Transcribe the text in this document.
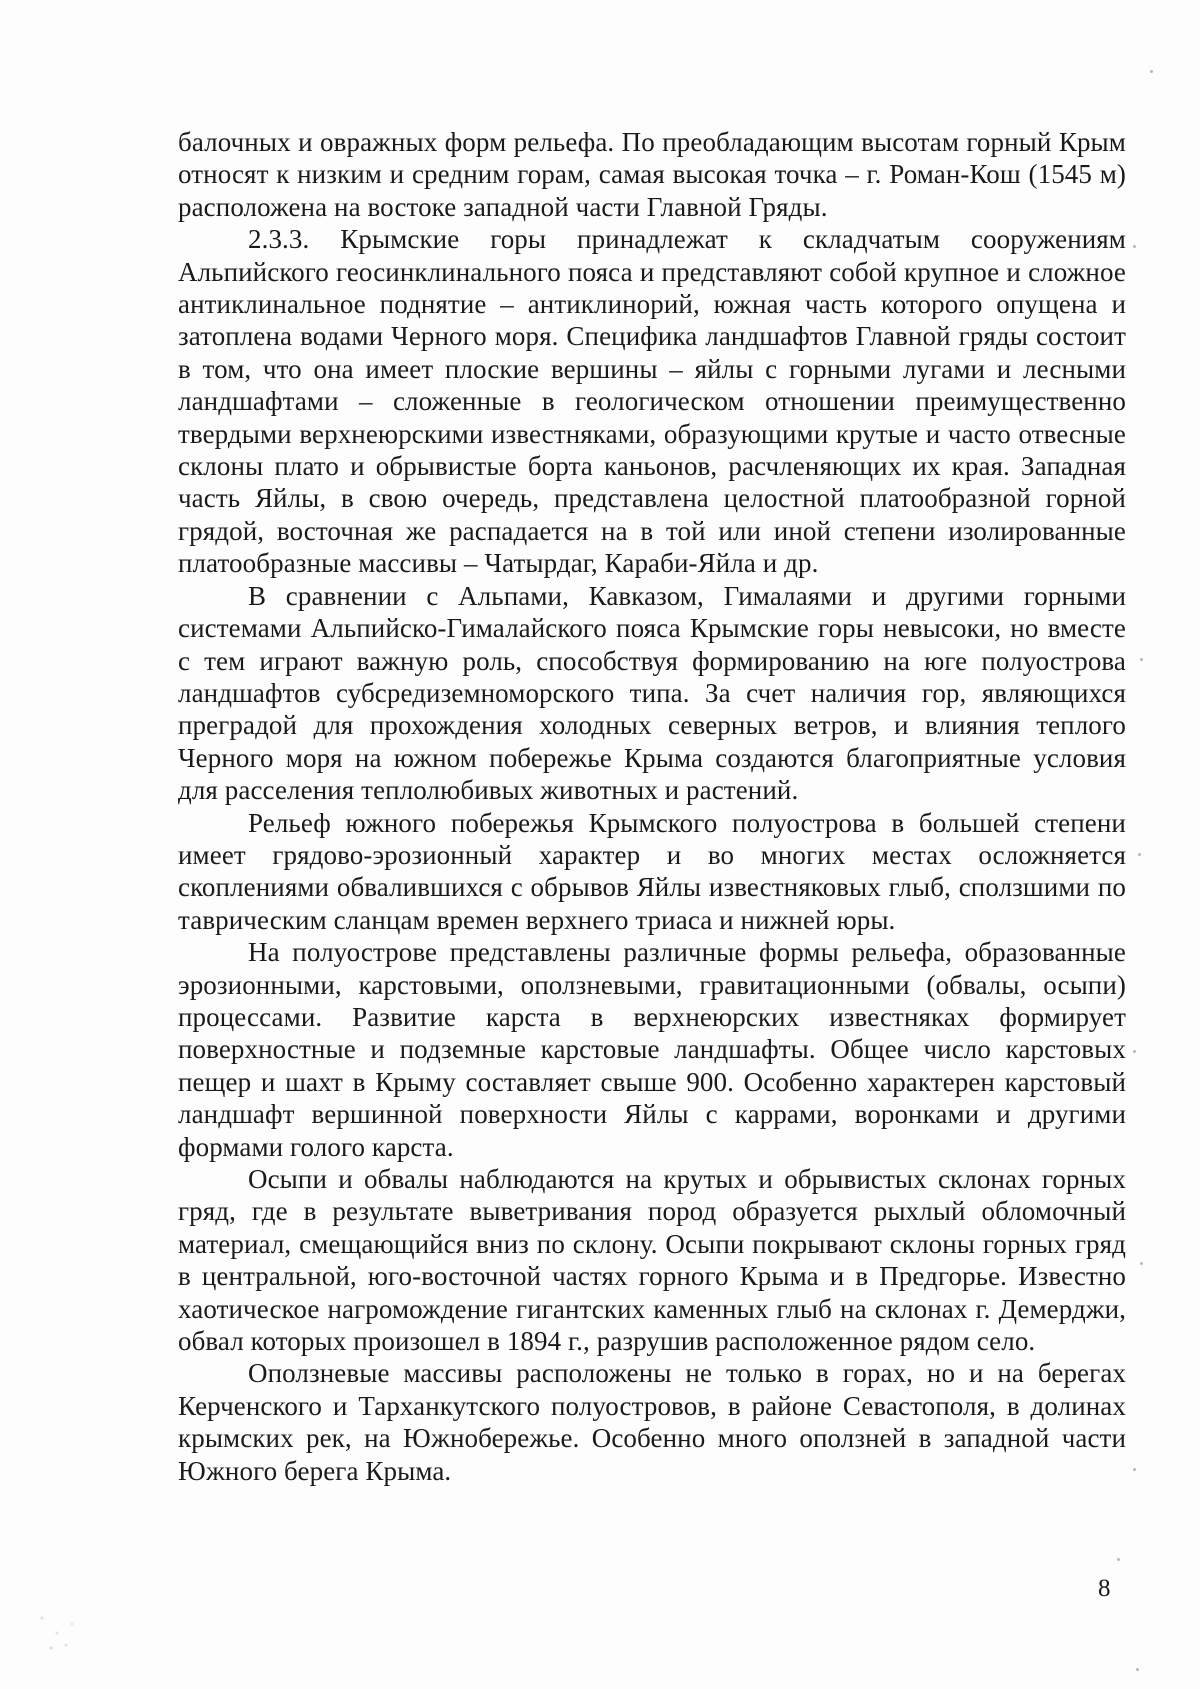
балочных и овражных форм рельефа. По преобладающим высотам горный Крым относят к низким и средним горам, самая высокая точка – г. Роман-Кош (1545 м) расположена на востоке западной части Главной Гряды.

2.3.3. Крымские горы принадлежат к складчатым сооружениям Альпийского геосинклинального пояса и представляют собой крупное и сложное антиклинальное поднятие – антиклинорий, южная часть которого опущена и затоплена водами Черного моря. Специфика ландшафтов Главной гряды состоит в том, что она имеет плоские вершины – яйлы с горными лугами и лесными ландшафтами – сложенные в геологическом отношении преимущественно твердыми верхнеюрскими известняками, образующими крутые и часто отвесные склоны плато и обрывистые борта каньонов, расчленяющих их края. Западная часть Яйлы, в свою очередь, представлена целостной платообразной горной грядой, восточная же распадается на в той или иной степени изолированные платообразные массивы – Чатырдаг, Караби-Яйла и др.

В сравнении с Альпами, Кавказом, Гималаями и другими горными системами Альпийско-Гималайского пояса Крымские горы невысоки, но вместе с тем играют важную роль, способствуя формированию на юге полуострова ландшафтов субсредиземноморского типа. За счет наличия гор, являющихся преградой для прохождения холодных северных ветров, и влияния теплого Черного моря на южном побережье Крыма создаются благоприятные условия для расселения теплолюбивых животных и растений.

Рельеф южного побережья Крымского полуострова в большей степени имеет грядово-эрозионный характер и во многих местах осложняется скоплениями обвалившихся с обрывов Яйлы известняковых глыб, сползшими по таврическим сланцам времен верхнего триаса и нижней юры.

На полуострове представлены различные формы рельефа, образованные эрозионными, карстовыми, оползневыми, гравитационными (обвалы, осыпи) процессами. Развитие карста в верхнеюрских известняках формирует поверхностные и подземные карстовые ландшафты. Общее число карстовых пещер и шахт в Крыму составляет свыше 900. Особенно характерен карстовый ландшафт вершинной поверхности Яйлы с каррами, воронками и другими формами голого карста.

Осыпи и обвалы наблюдаются на крутых и обрывистых склонах горных гряд, где в результате выветривания пород образуется рыхлый обломочный материал, смещающийся вниз по склону. Осыпи покрывают склоны горных гряд в центральной, юго-восточной частях горного Крыма и в Предгорье. Известно хаотическое нагромождение гигантских каменных глыб на склонах г. Демерджи, обвал которых произошел в 1894 г., разрушив расположенное рядом село.

Оползневые массивы расположены не только в горах, но и на берегах Керченского и Тарханкутского полуостровов, в районе Севастополя, в долинах крымских рек, на Южнобережье. Особенно много оползней в западной части Южного берега Крыма.

8
